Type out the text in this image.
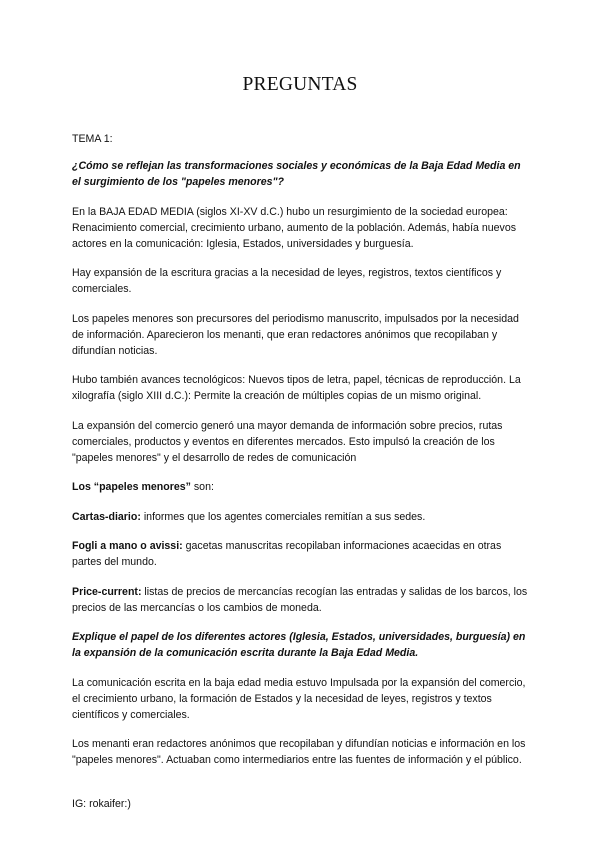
PREGUNTAS

TEMA 1:

¿Cómo se reflejan las transformaciones sociales y económicas de la Baja Edad Media en el surgimiento de los "papeles menores"?

En la BAJA EDAD MEDIA (siglos XI-XV d.C.) hubo un resurgimiento de la sociedad europea: Renacimiento comercial, crecimiento urbano, aumento de la población. Además, había nuevos actores en la comunicación: Iglesia, Estados, universidades y burguesía.

Hay expansión de la escritura gracias a la necesidad de leyes, registros, textos científicos y comerciales.

Los papeles menores son precursores del periodismo manuscrito, impulsados por la necesidad de información. Aparecieron los menanti, que eran redactores anónimos que recopilaban y difundían noticias.

Hubo también avances tecnológicos: Nuevos tipos de letra, papel, técnicas de reproducción. La xilografía (siglo XIII d.C.): Permite la creación de múltiples copias de un mismo original.

La expansión del comercio generó una mayor demanda de información sobre precios, rutas comerciales, productos y eventos en diferentes mercados. Esto impulsó la creación de los "papeles menores" y el desarrollo de redes de comunicación

Los “papeles menores” son:

Cartas-diario: informes que los agentes comerciales remitían a sus sedes.

Fogli a mano o avissi: gacetas manuscritas recopilaban informaciones acaecidas en otras partes del mundo.

Price-current: listas de precios de mercancías recogían las entradas y salidas de los barcos, los precios de las mercancías o los cambios de moneda.

Explique el papel de los diferentes actores (Iglesia, Estados, universidades, burguesía) en la expansión de la comunicación escrita durante la Baja Edad Media.

La comunicación escrita en la baja edad media estuvo Impulsada por la expansión del comercio, el crecimiento urbano, la formación de Estados y la necesidad de leyes, registros y textos científicos y comerciales.

Los menanti eran redactores anónimos que recopilaban y difundían noticias e información en los "papeles menores". Actuaban como intermediarios entre las fuentes de información y el público.

IG: rokaifer:)
